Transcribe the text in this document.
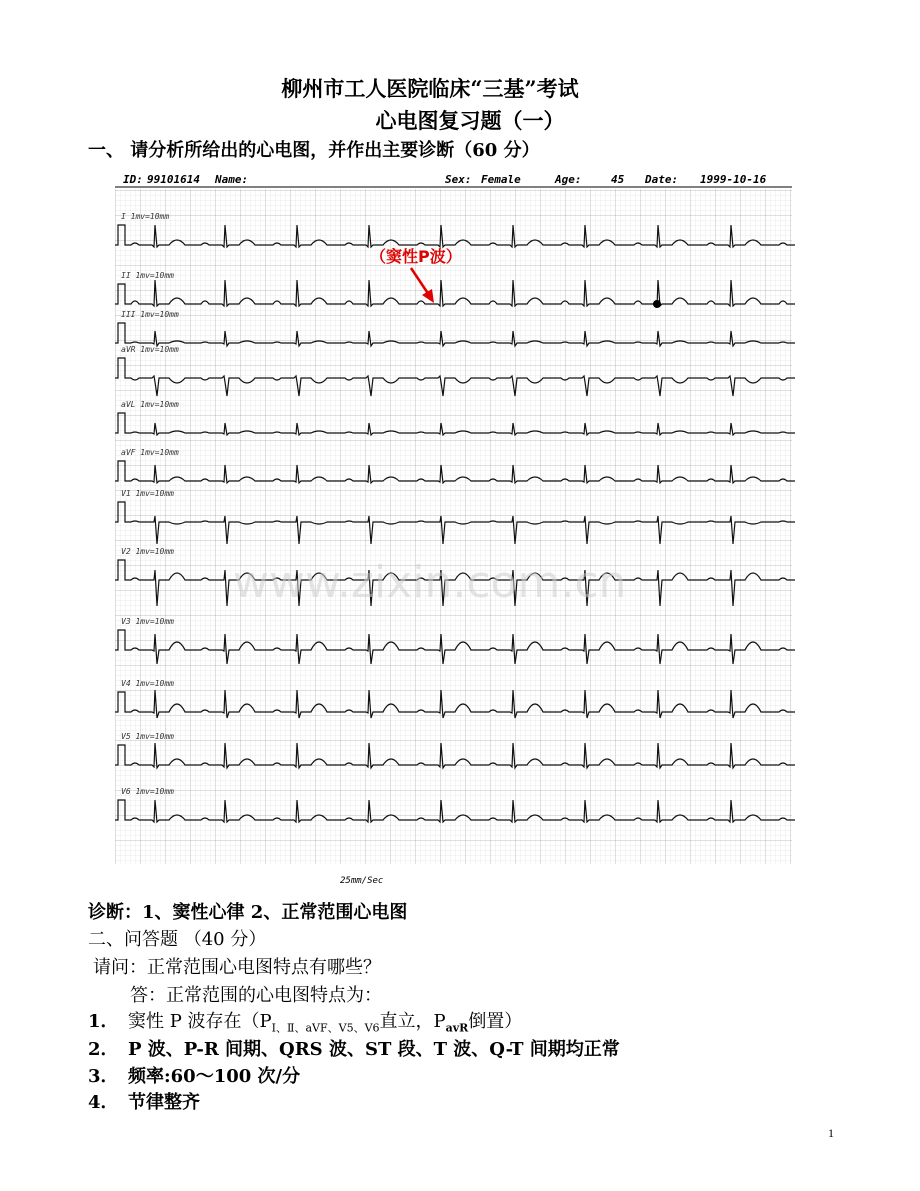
柳州市工人医院临床“三基”考试
心电图复习题（一）
一、 请分析所给出的心电图，并作出主要诊断（60 分）
ID: 99101614 Name:	Sex: Female	Age:	45 Date: 1999-10-16
I 1mv=10mm
II 1mv=10mm
III 1mv=10mm
aVR 1mv=10mm
aVL 1mv=10mm
aVF 1mv=10mm
V1 1mv=10mm
V2 1mv=10mm
V3 1mv=10mm
V4 1mv=10mm
V5 1mv=10mm
V6 1mv=10mm
www.zixin.com.cn
（窦性P波）
25mm/Sec
诊断：1、窦性心律 2、正常范围心电图
二、问答题 （40 分）
请问：正常范围心电图特点有哪些？
答：正常范围的心电图特点为：
1． 窦性 P 波存在（$P_{Ⅰ、Ⅱ、aVF、V5、V6}$直立，$P_{avR}$倒置）
2． P 波、P-R 间期、QRS 波、ST 段、T 波、Q-T 间期均正常
3． 频率:60～100 次/分
4． 节律整齐
1
